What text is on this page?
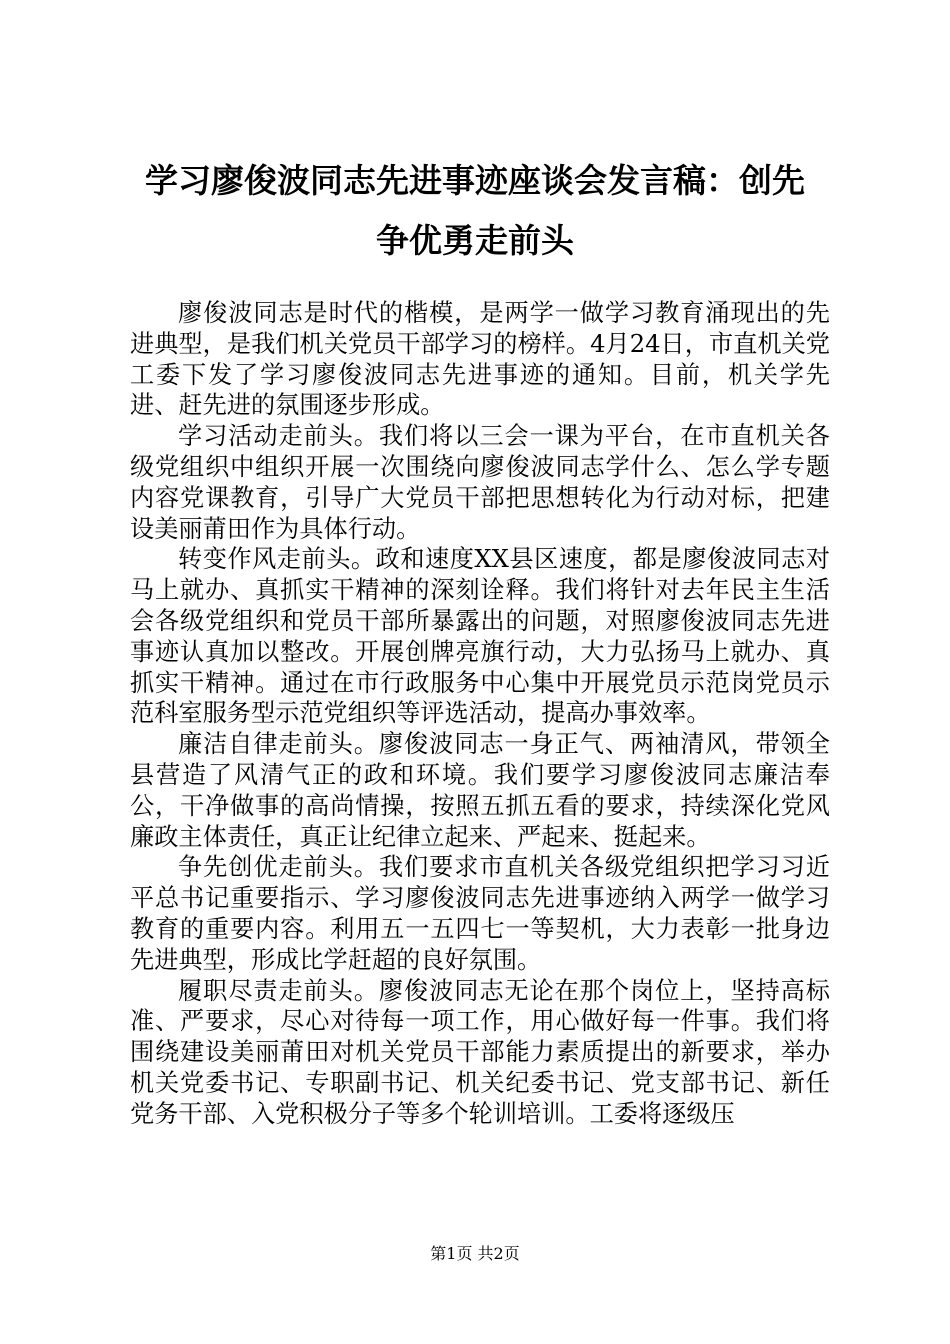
学习廖俊波同志先进事迹座谈会发言稿：创先
争优勇走前头

廖俊波同志是时代的楷模，是两学一做学习教育涌现出的先进典型，是我们机关党员干部学习的榜样。4月24日，市直机关党工委下发了学习廖俊波同志先进事迹的通知。目前，机关学先进、赶先进的氛围逐步形成。

学习活动走前头。我们将以三会一课为平台，在市直机关各级党组织中组织开展一次围绕向廖俊波同志学什么、怎么学专题内容党课教育，引导广大党员干部把思想转化为行动对标，把建设美丽莆田作为具体行动。

转变作风走前头。政和速度XX县区速度，都是廖俊波同志对马上就办、真抓实干精神的深刻诠释。我们将针对去年民主生活会各级党组织和党员干部所暴露出的问题，对照廖俊波同志先进事迹认真加以整改。开展创牌亮旗行动，大力弘扬马上就办、真抓实干精神。通过在市行政服务中心集中开展党员示范岗党员示范科室服务型示范党组织等评选活动，提高办事效率。

廉洁自律走前头。廖俊波同志一身正气、两袖清风，带领全县营造了风清气正的政和环境。我们要学习廖俊波同志廉洁奉公，干净做事的高尚情操，按照五抓五看的要求，持续深化党风廉政主体责任，真正让纪律立起来、严起来、挺起来。

争先创优走前头。我们要求市直机关各级党组织把学习习近平总书记重要指示、学习廖俊波同志先进事迹纳入两学一做学习教育的重要内容。利用五一五四七一等契机，大力表彰一批身边先进典型，形成比学赶超的良好氛围。

履职尽责走前头。廖俊波同志无论在那个岗位上，坚持高标准、严要求，尽心对待每一项工作，用心做好每一件事。我们将围绕建设美丽莆田对机关党员干部能力素质提出的新要求，举办机关党委书记、专职副书记、机关纪委书记、党支部书记、新任党务干部、入党积极分子等多个轮训培训。工委将逐级压

第1页 共2页
